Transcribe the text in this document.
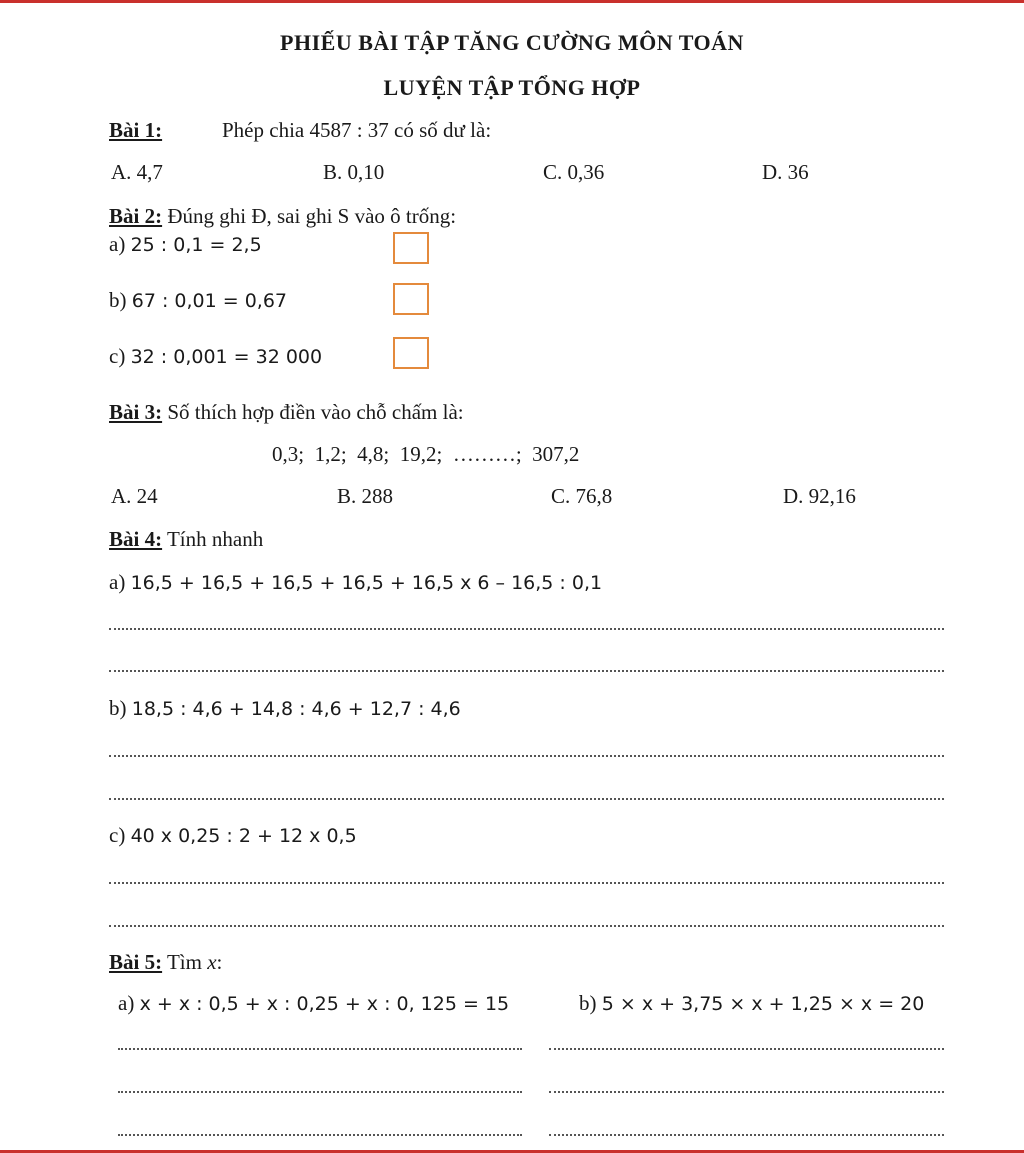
PHIẾU BÀI TẬP TĂNG CƯỜNG MÔN TOÁN
LUYỆN TẬP TỔNG HỢP
Bài 1:	Phép chia 4587 : 37 có số dư là:
A. 4,7	B. 0,10	C. 0,36	D. 36
Bài 2: Đúng ghi Đ, sai ghi S vào ô trống:
a) 25 : 0,1 = 2,5
b) 67 : 0,01 = 0,67
c) 32 : 0,001 = 32 000
Bài 3: Số thích hợp điền vào chỗ chấm là:
0,3;  1,2;  4,8;  19,2;  ………;  307,2
A. 24	B. 288	C. 76,8	D. 92,16
Bài 4: Tính nhanh
a) 16,5 + 16,5 + 16,5 + 16,5 + 16,5 x 6 – 16,5 : 0,1
b) 18,5 : 4,6 + 14,8 : 4,6 + 12,7 : 4,6
c) 40 x 0,25 : 2 + 12 x 0,5
Bài 5: Tìm x:
a) x + x : 0,5 + x : 0,25 + x : 0, 125 = 15	b) 5 × x + 3,75 × x + 1,25 × x = 20
